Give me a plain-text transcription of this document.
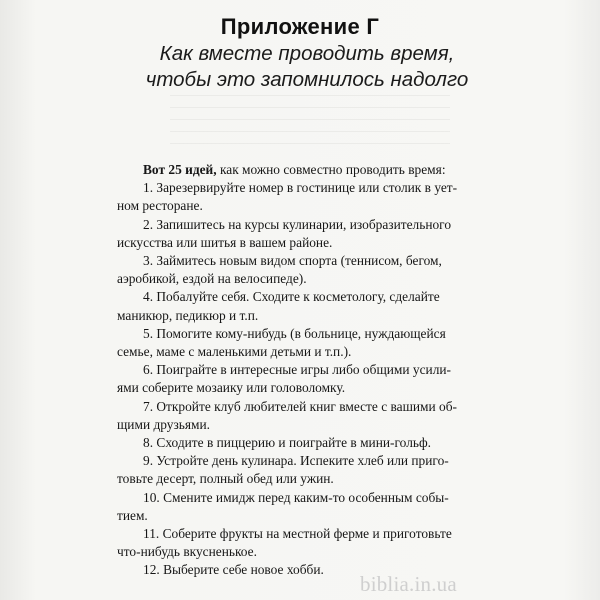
Приложение Г
Как вместе проводить время,
чтобы это запомнилось надолго

Вот 25 идей, как можно совместно проводить время:

1. Зарезервируйте номер в гостинице или столик в ует-
ном ресторане.
2. Запишитесь на курсы кулинарии, изобразительного
искусства или шитья в вашем районе.
3. Займитесь новым видом спорта (теннисом, бегом,
аэробикой, ездой на велосипеде).
4. Побалуйте себя. Сходите к косметологу, сделайте
маникюр, педикюр и т.п.
5. Помогите кому-нибудь (в больнице, нуждающейся
семье, маме с маленькими детьми и т.п.).
6. Поиграйте в интересные игры либо общими усили-
ями соберите мозаику или головоломку.
7. Откройте клуб любителей книг вместе с вашими об-
щими друзьями.
8. Сходите в пиццерию и поиграйте в мини-гольф.
9. Устройте день кулинара. Испеките хлеб или приго-
товьте десерт, полный обед или ужин.
10. Смените имидж перед каким-то особенным собы-
тием.
11. Соберите фрукты на местной ферме и приготовьте
что-нибудь вкусненькое.
12. Выберите себе новое хобби.
biblia.in.ua
